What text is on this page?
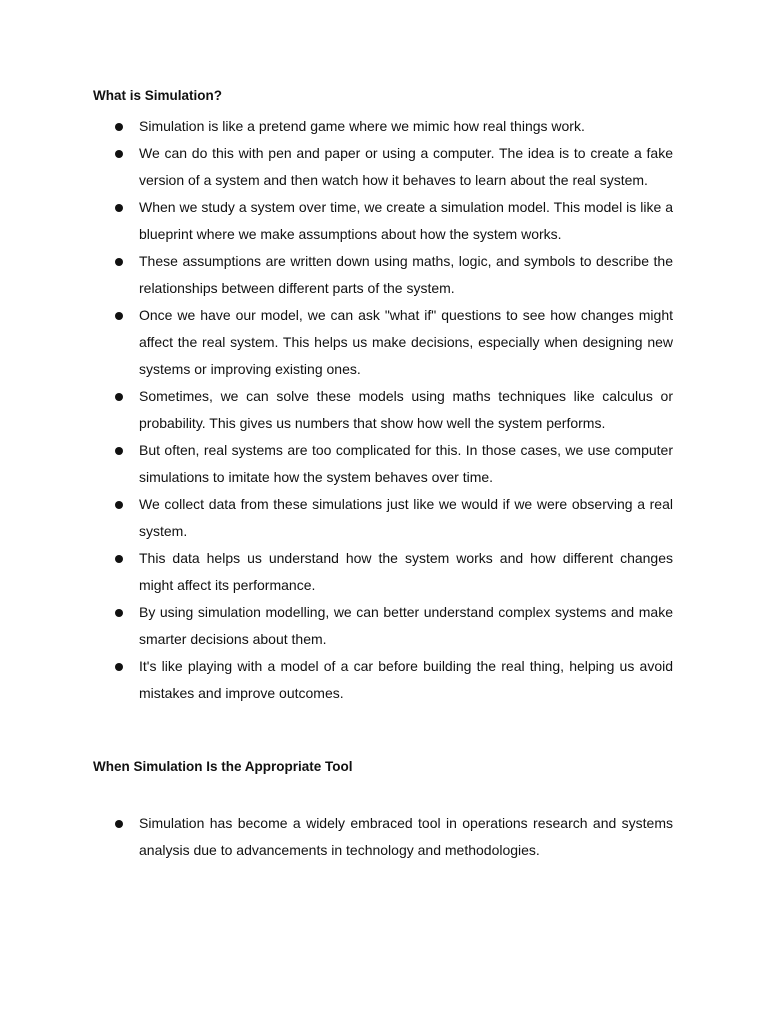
What is Simulation?
Simulation is like a pretend game where we mimic how real things work.
We can do this with pen and paper or using a computer. The idea is to create a fake version of a system and then watch how it behaves to learn about the real system.
When we study a system over time, we create a simulation model. This model is like a blueprint where we make assumptions about how the system works.
These assumptions are written down using maths, logic, and symbols to describe the relationships between different parts of the system.
Once we have our model, we can ask "what if" questions to see how changes might affect the real system. This helps us make decisions, especially when designing new systems or improving existing ones.
Sometimes, we can solve these models using maths techniques like calculus or probability. This gives us numbers that show how well the system performs.
But often, real systems are too complicated for this. In those cases, we use computer simulations to imitate how the system behaves over time.
We collect data from these simulations just like we would if we were observing a real system.
This data helps us understand how the system works and how different changes might affect its performance.
By using simulation modelling, we can better understand complex systems and make smarter decisions about them.
It's like playing with a model of a car before building the real thing, helping us avoid mistakes and improve outcomes.
When Simulation Is the Appropriate Tool
Simulation has become a widely embraced tool in operations research and systems analysis due to advancements in technology and methodologies.
